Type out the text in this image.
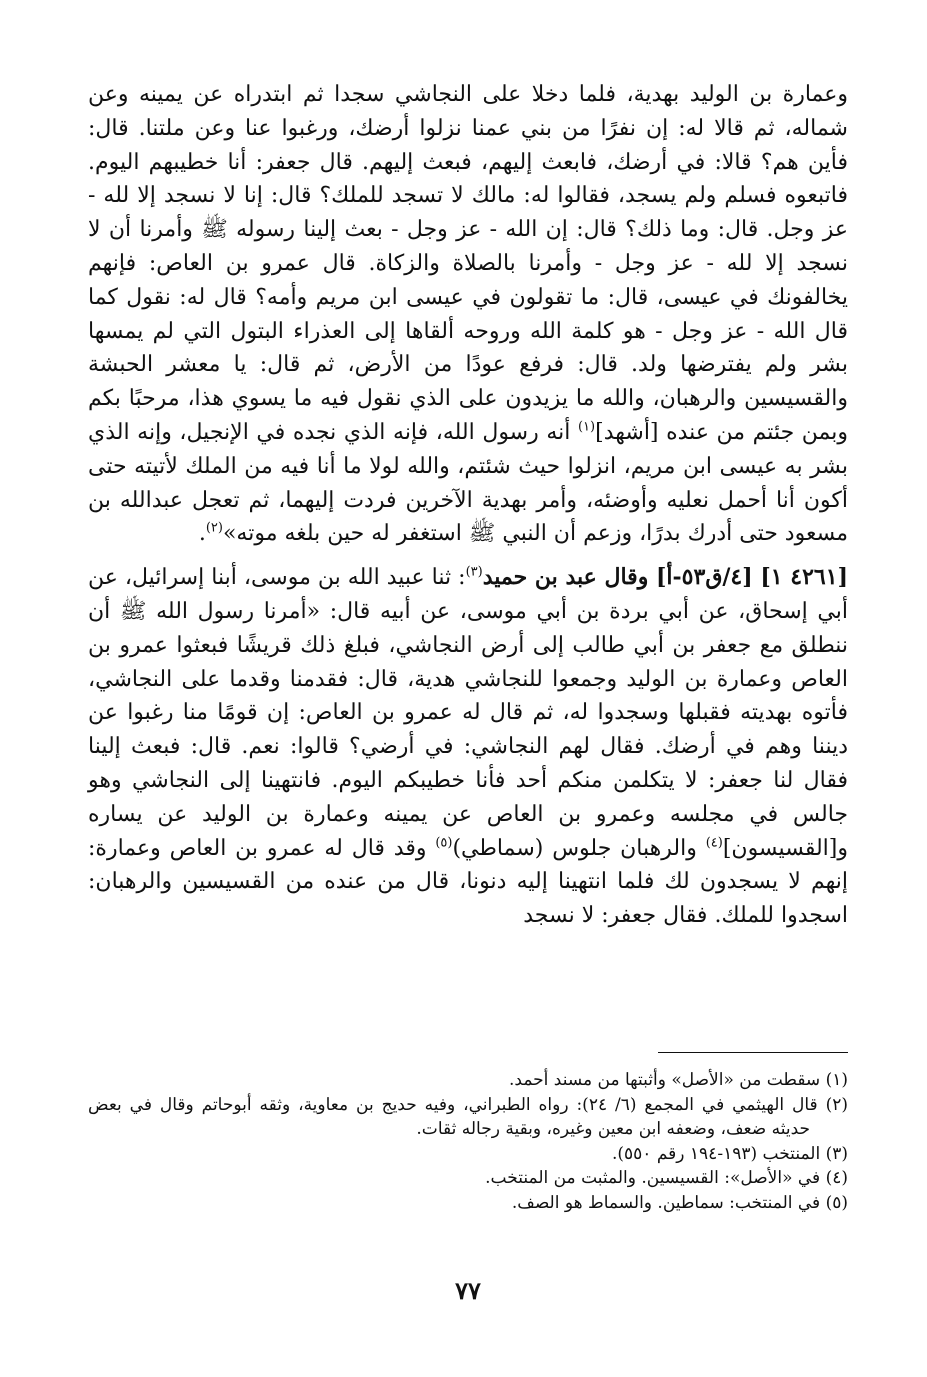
وعمارة بن الوليد بهدية، فلما دخلا على النجاشي سجدا ثم ابتدراه عن يمينه وعن شماله، ثم قالا له: إن نفرًا من بني عمنا نزلوا أرضك، ورغبوا عنا وعن ملتنا. قال: فأين هم؟ قالا: في أرضك، فابعث إليهم، فبعث إليهم. قال جعفر: أنا خطيبهم اليوم. فاتبعوه فسلم ولم يسجد، فقالوا له: مالك لا تسجد للملك؟ قال: إنا لا نسجد إلا لله - عز وجل. قال: وما ذلك؟ قال: إن الله - عز وجل - بعث إلينا رسوله ﷺ وأمرنا أن لا نسجد إلا لله - عز وجل - وأمرنا بالصلاة والزكاة. قال عمرو بن العاص: فإنهم يخالفونك في عيسى، قال: ما تقولون في عيسى ابن مريم وأمه؟ قال له: نقول كما قال الله - عز وجل - هو كلمة الله وروحه ألقاها إلى العذراء البتول التي لم يمسها بشر ولم يفترضها ولد. قال: فرفع عودًا من الأرض، ثم قال: يا معشر الحبشة والقسيسين والرهبان، والله ما يزيدون على الذي نقول فيه ما يسوي هذا، مرحبًا بكم وبمن جئتم من عنده [أشهد]$^{(١)}$ أنه رسول الله، فإنه الذي نجده في الإنجيل، وإنه الذي بشر به عيسى ابن مريم، انزلوا حيث شئتم، والله لولا ما أنا فيه من الملك لأتيته حتى أكون أنا أحمل نعليه وأوضئه، وأمر بهدية الآخرين فردت إليهما، ثم تعجل عبدالله بن مسعود حتى أدرك بدرًا، وزعم أن النبي ﷺ استغفر له حين بلغه موته»$^{(٢)}$.

[٤٢٦١ ١] [٤/ق٥٣-أ] وقال عبد بن حميد$^{(٣)}$: ثنا عبيد الله بن موسى، أبنا إسرائيل، عن أبي إسحاق، عن أبي بردة بن أبي موسى، عن أبيه قال: «أمرنا رسول الله ﷺ أن ننطلق مع جعفر بن أبي طالب إلى أرض النجاشي، فبلغ ذلك قريشًا فبعثوا عمرو بن العاص وعمارة بن الوليد وجمعوا للنجاشي هدية، قال: فقدمنا وقدما على النجاشي، فأتوه بهديته فقبلها وسجدوا له، ثم قال له عمرو بن العاص: إن قومًا منا رغبوا عن ديننا وهم في أرضك. فقال لهم النجاشي: في أرضي؟ قالوا: نعم. قال: فبعث إلينا فقال لنا جعفر: لا يتكلمن منكم أحد فأنا خطيبكم اليوم. فانتهينا إلى النجاشي وهو جالس في مجلسه وعمرو بن العاص عن يمينه وعمارة بن الوليد عن يساره و[القسيسون]$^{(٤)}$ والرهبان جلوس (سماطي)$^{(٥)}$ وقد قال له عمرو بن العاص وعمارة: إنهم لا يسجدون لك فلما انتهينا إليه دنونا، قال من عنده من القسيسين والرهبان: اسجدوا للملك. فقال جعفر: لا نسجد

(١) سقطت من «الأصل» وأثبتها من مسند أحمد.

(٢) قال الهيثمي في المجمع (٦/ ٢٤): رواه الطبراني، وفيه حديج بن معاوية، وثقه أبوحاتم وقال في بعض حديثه ضعف، وضعفه ابن معين وغيره، وبقية رجاله ثقات.

(٣) المنتخب (١٩٣-١٩٤ رقم ٥٥٠).

(٤) في «الأصل»: القسيسين. والمثبت من المنتخب.

(٥) في المنتخب: سماطين. والسماط هو الصف.

٧٧
